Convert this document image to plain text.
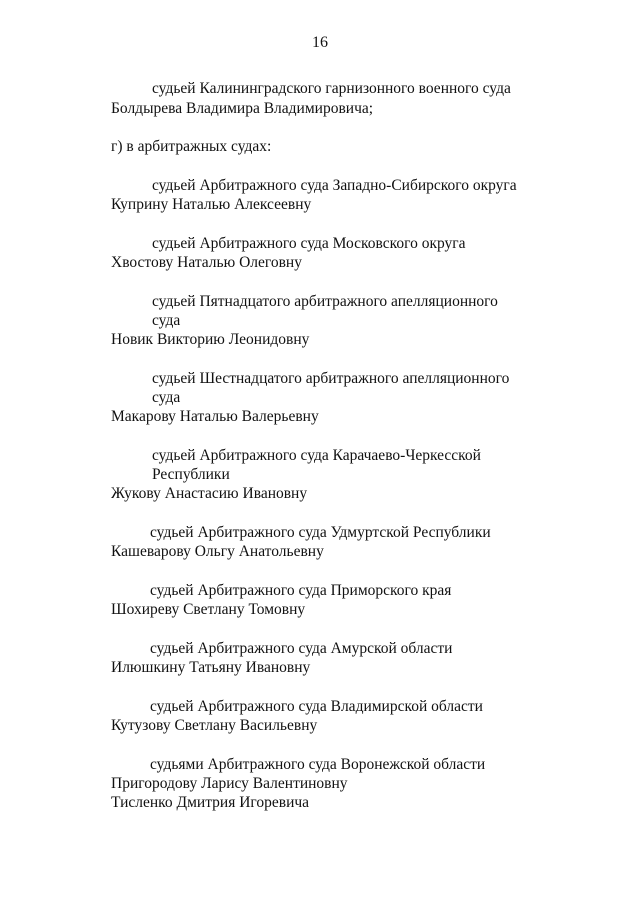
16
судьей Калининградского гарнизонного военного суда
Болдырева Владимира Владимировича;
г) в арбитражных судах:
судьей Арбитражного суда Западно-Сибирского округа
Куприну Наталью Алексеевну
судьей Арбитражного суда Московского округа
Хвостову Наталью Олеговну
судьей Пятнадцатого арбитражного апелляционного
суда
Новик Викторию Леонидовну
судьей Шестнадцатого арбитражного апелляционного
суда
Макарову Наталью Валерьевну
судьей Арбитражного суда Карачаево-Черкесской
Республики
Жукову Анастасию Ивановну
судьей Арбитражного суда Удмуртской Республики
Кашеварову Ольгу Анатольевну
судьей Арбитражного суда Приморского края
Шохиреву Светлану Томовну
судьей Арбитражного суда Амурской области
Илюшкину Татьяну Ивановну
судьей Арбитражного суда Владимирской области
Кутузову Светлану Васильевну
судьями Арбитражного суда Воронежской области
Пригородову Ларису Валентиновну
Тисленко Дмитрия Игоревича
